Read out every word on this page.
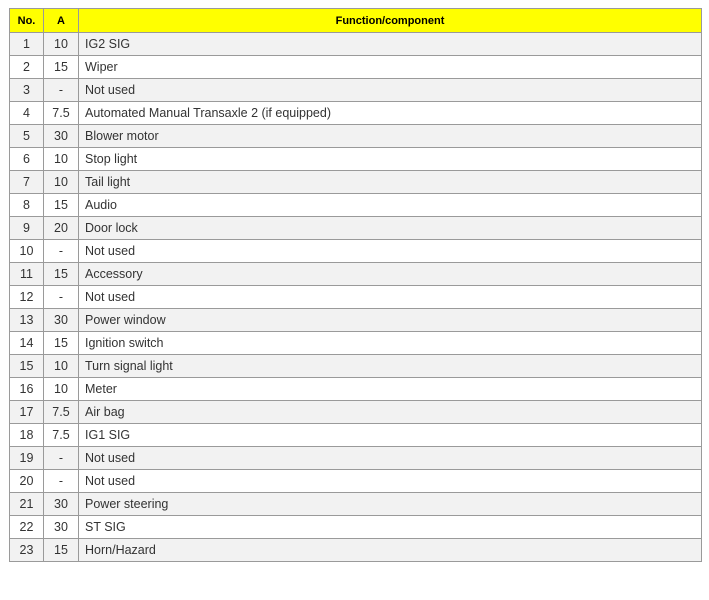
No.	A	Function/component
1	10	IG2 SIG
2	15	Wiper
3	-	Not used
4	7.5	Automated Manual Transaxle 2 (if equipped)
5	30	Blower motor
6	10	Stop light
7	10	Tail light
8	15	Audio
9	20	Door lock
10	-	Not used
11	15	Accessory
12	-	Not used
13	30	Power window
14	15	Ignition switch
15	10	Turn signal light
16	10	Meter
17	7.5	Air bag
18	7.5	IG1 SIG
19	-	Not used
20	-	Not used
21	30	Power steering
22	30	ST SIG
23	15	Horn/Hazard
